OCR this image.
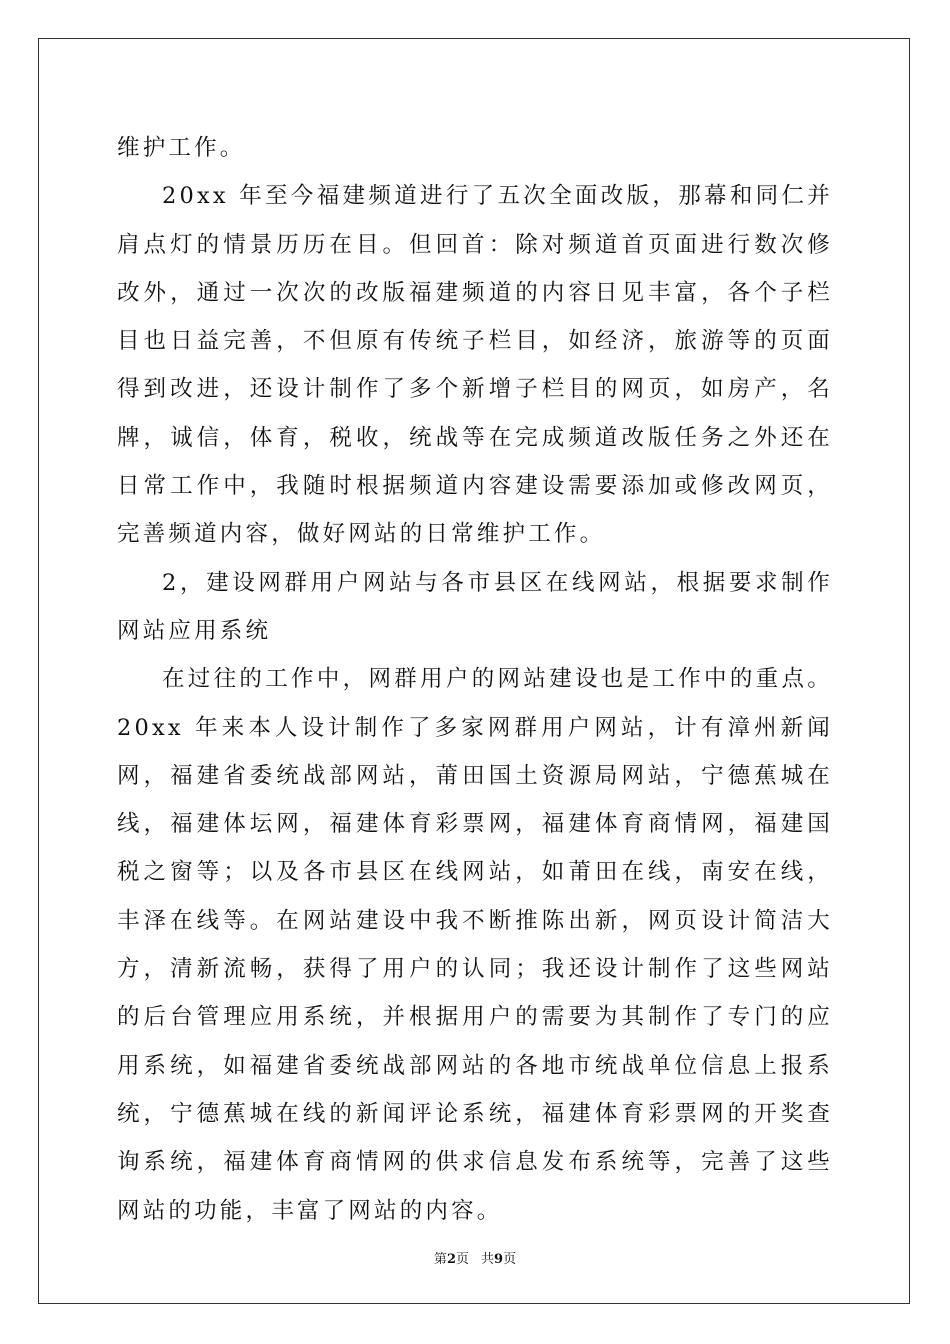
维护工作。

20xx 年至今福建频道进行了五次全面改版，那幕和同仁并肩点灯的情景历历在目。但回首：除对频道首页面进行数次修改外，通过一次次的改版福建频道的内容日见丰富，各个子栏目也日益完善，不但原有传统子栏目，如经济，旅游等的页面得到改进，还设计制作了多个新增子栏目的网页，如房产，名牌，诚信，体育，税收，统战等在完成频道改版任务之外还在日常工作中，我随时根据频道内容建设需要添加或修改网页，完善频道内容，做好网站的日常维护工作。

2，建设网群用户网站与各市县区在线网站，根据要求制作网站应用系统

在过往的工作中，网群用户的网站建设也是工作中的重点。20xx 年来本人设计制作了多家网群用户网站，计有漳州新闻网，福建省委统战部网站，莆田国土资源局网站，宁德蕉城在线，福建体坛网，福建体育彩票网，福建体育商情网，福建国税之窗等；以及各市县区在线网站，如莆田在线，南安在线，丰泽在线等。在网站建设中我不断推陈出新，网页设计简洁大方，清新流畅，获得了用户的认同；我还设计制作了这些网站的后台管理应用系统，并根据用户的需要为其制作了专门的应用系统，如福建省委统战部网站的各地市统战单位信息上报系统，宁德蕉城在线的新闻评论系统，福建体育彩票网的开奖查询系统，福建体育商情网的供求信息发布系统等，完善了这些网站的功能，丰富了网站的内容。

第2页 共9页
